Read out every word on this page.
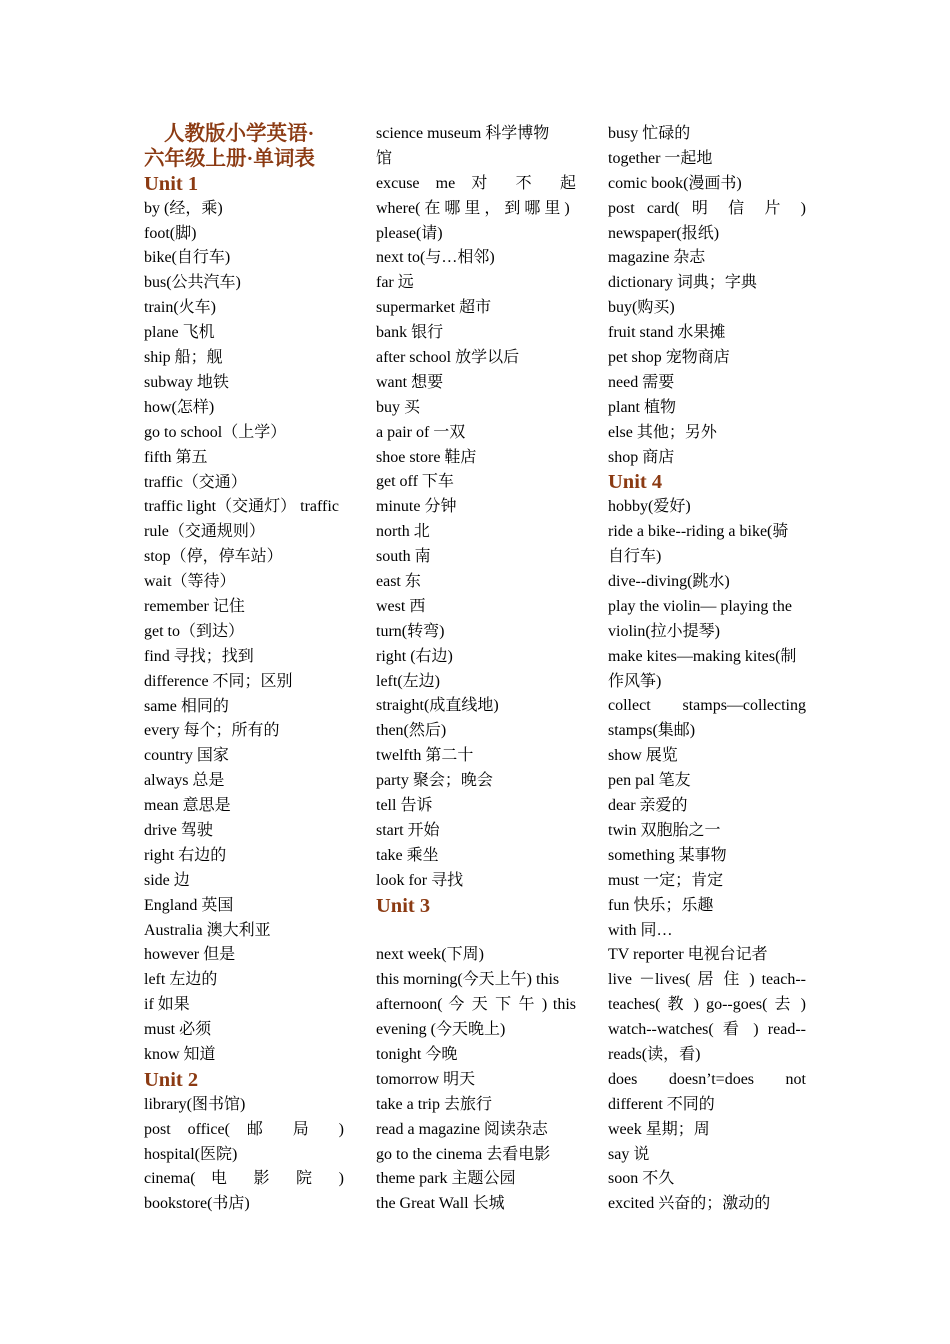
人教版小学英语·
六年级上册·单词表
Unit 1
by (经，乘)
foot(脚)
bike(自行车)
bus(公共汽车)
train(火车)
plane 飞机
ship 船；舰
subway 地铁
how(怎样)
go to school（上学）
fifth 第五
traffic（交通）
traffic light（交通灯） traffic
rule（交通规则）
stop（停，停车站）
wait（等待）
remember 记住
get to（到达）
find 寻找；找到
difference 不同；区别
same 相同的
every 每个；所有的
country 国家
always 总是
mean 意思是
drive 驾驶
right 右边的
side 边
England 英国
Australia 澳大利亚
however 但是
left 左边的
if 如果
must 必须
know 知道
Unit 2
library(图书馆)
post office( 邮 局 )
hospital(医院)
cinema( 电 影 院 )
bookstore(书店)
science museum 科学博物
馆
excuse me 对 不 起
where( 在 哪 里 ， 到 哪 里 )
please(请)
next to(与…相邻)
far 远
supermarket 超市
bank 银行
after school 放学以后
want 想要
buy 买
a pair of 一双
shoe store 鞋店
get off 下车
minute 分钟
north 北
south 南
east 东
west 西
turn(转弯)
right (右边)
left(左边)
straight(成直线地)
then(然后)
twelfth 第二十
party 聚会；晚会
tell 告诉
start 开始
take 乘坐
look for 寻找
Unit 3
next week(下周)
this morning(今天上午) this
afternoon( 今 天 下 午 ) this
evening (今天晚上)
tonight 今晚
tomorrow 明天
take a trip 去旅行
read a magazine 阅读杂志
go to the cinema 去看电影
theme park 主题公园
the Great Wall 长城
busy 忙碌的
together 一起地
comic book(漫画书)
post card( 明 信 片 )
newspaper(报纸)
magazine 杂志
dictionary 词典；字典
buy(购买)
fruit stand 水果摊
pet shop 宠物商店
need 需要
plant 植物
else 其他；另外
shop 商店
Unit 4
hobby(爱好)
ride a bike--riding a bike(骑
自行车)
dive--diving(跳水)
play the violin— playing the
violin(拉小提琴)
make kites—making kites(制
作风筝)
collect stamps—collecting
stamps(集邮)
show 展览
pen pal 笔友
dear 亲爱的
twin 双胞胎之一
something 某事物
must 一定；肯定
fun 快乐；乐趣
with 同…
TV reporter 电视台记者
live －lives( 居 住 ) teach--
teaches( 教 ) go--goes( 去 )
watch--watches( 看 ) read--
reads(读，看)
does doesn’t=does not
different 不同的
week 星期；周
say 说
soon 不久
excited 兴奋的；激动的
